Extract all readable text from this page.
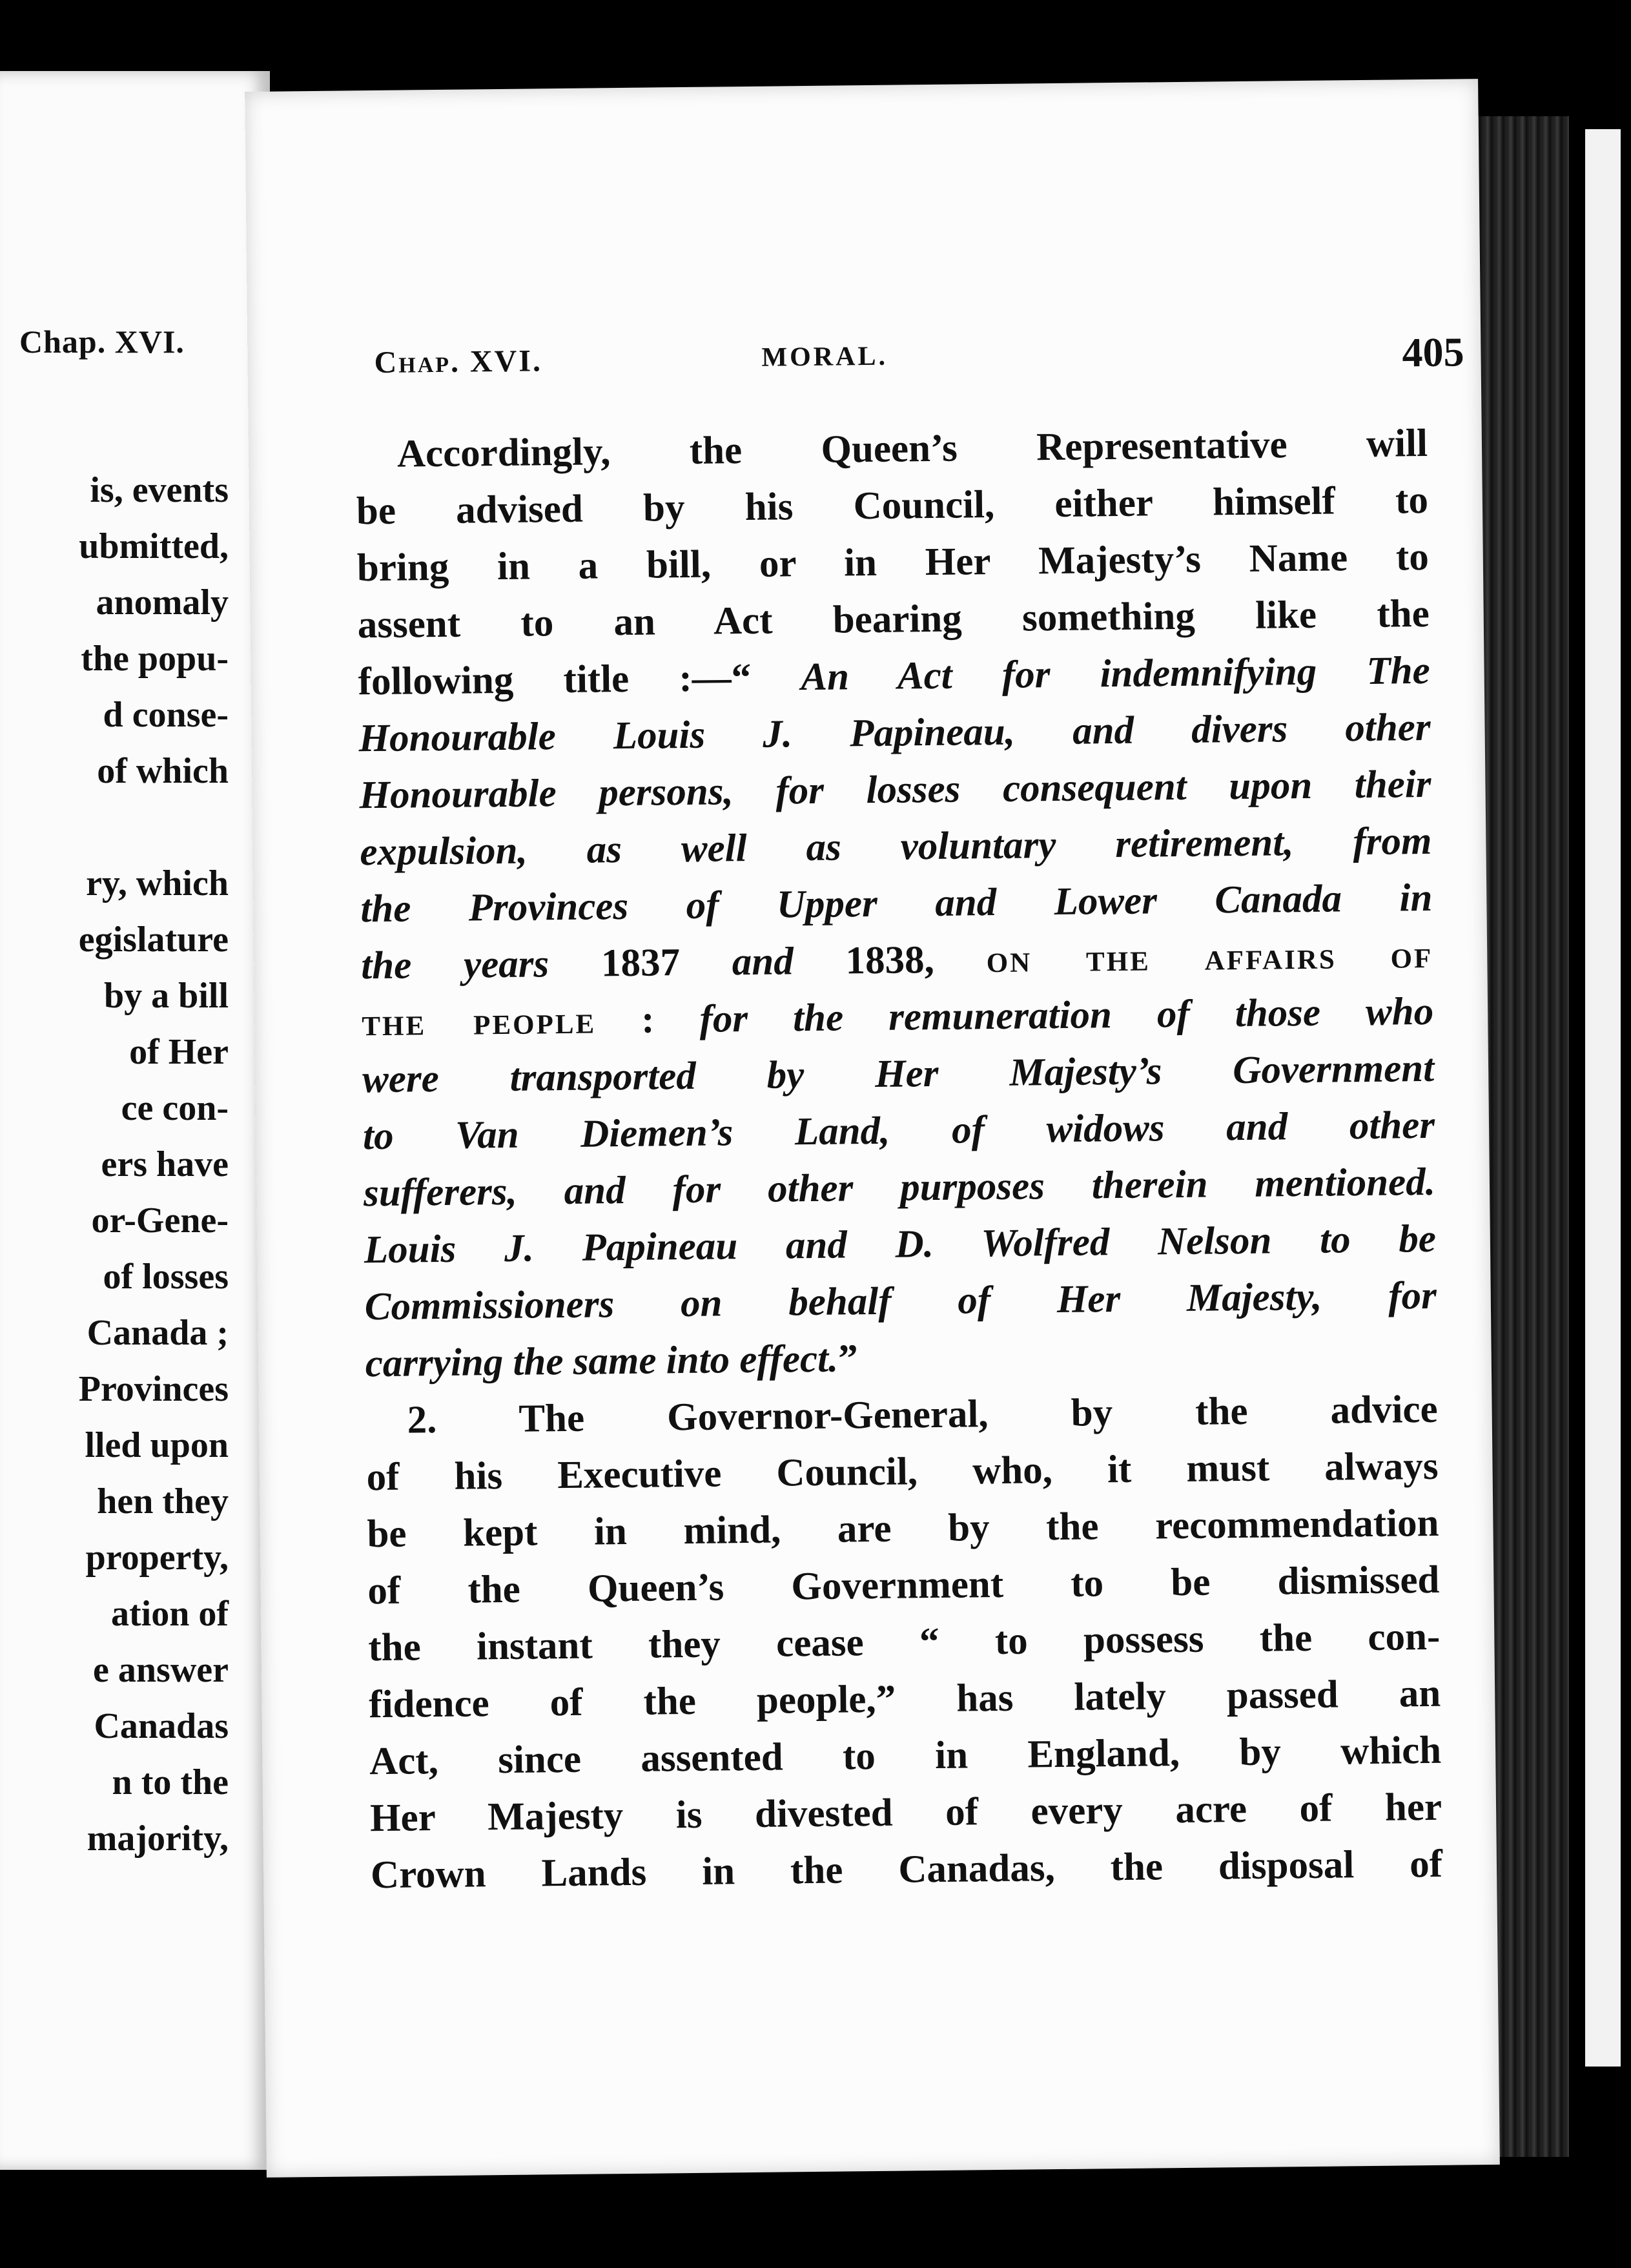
Chap. XVI.
is, events
ubmitted,
anomaly
the popu-
d conse-
of which
ry, which
egislature
by a bill
of Her
ce con-
ers have
or-Gene-
of losses
Canada ;
Provinces
lled upon
hen they
property,
ation of
e answer
Canadas
n to the
majority,
Chap. XVI.	MORAL.	405
Accordingly, the Queen’s Representative will
be advised by his Council, either himself to
bring in a bill, or in Her Majesty’s Name to
assent to an Act bearing something like the
following title :—“ An Act for indemnifying The
Honourable Louis J. Papineau, and divers other
Honourable persons, for losses consequent upon their
expulsion, as well as voluntary retirement, from
the Provinces of Upper and Lower Canada in
the years 1837 and 1838, on the affairs of
the people : for the remuneration of those who
were transported by Her Majesty’s Government
to Van Diemen’s Land, of widows and other
sufferers, and for other purposes therein mentioned.
Louis J. Papineau and D. Wolfred Nelson to be
Commissioners on behalf of Her Majesty, for
carrying the same into effect.”
2. The Governor-General, by the advice
of his Executive Council, who, it must always
be kept in mind, are by the recommendation
of the Queen’s Government to be dismissed
the instant they cease “ to possess the con-
fidence of the people,” has lately passed an
Act, since assented to in England, by which
Her Majesty is divested of every acre of her
Crown Lands in the Canadas, the disposal of
